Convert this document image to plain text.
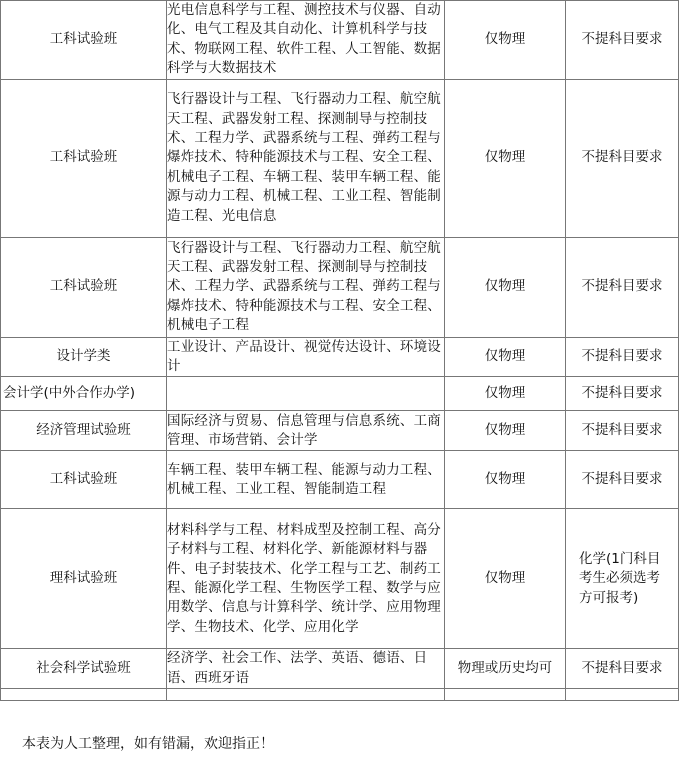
工科试验班	光电信息科学与工程、测控技术与仪器、自动化、电气工程及其自动化、计算机科学与技术、物联网工程、软件工程、人工智能、数据科学与大数据技术	仅物理	不提科目要求
工科试验班	飞行器设计与工程、飞行器动力工程、航空航天工程、武器发射工程、探测制导与控制技术、工程力学、武器系统与工程、弹药工程与爆炸技术、特种能源技术与工程、安全工程、机械电子工程、车辆工程、装甲车辆工程、能源与动力工程、机械工程、工业工程、智能制造工程、光电信息	仅物理	不提科目要求
工科试验班	飞行器设计与工程、飞行器动力工程、航空航天工程、武器发射工程、探测制导与控制技术、工程力学、武器系统与工程、弹药工程与爆炸技术、特种能源技术与工程、安全工程、机械电子工程	仅物理	不提科目要求
设计学类	工业设计、产品设计、视觉传达设计、环境设计	仅物理	不提科目要求
会计学(中外合作办学)		仅物理	不提科目要求
经济管理试验班	国际经济与贸易、信息管理与信息系统、工商管理、市场营销、会计学	仅物理	不提科目要求
工科试验班	车辆工程、装甲车辆工程、能源与动力工程、机械工程、工业工程、智能制造工程	仅物理	不提科目要求
理科试验班	材料科学与工程、材料成型及控制工程、高分子材料与工程、材料化学、新能源材料与器件、电子封装技术、化学工程与工艺、制药工程、能源化学工程、生物医学工程、数学与应用数学、信息与计算科学、统计学、应用物理学、生物技术、化学、应用化学	仅物理	化学(1门科目考生必须选考方可报考)
社会科学试验班	经济学、社会工作、法学、英语、德语、日语、西班牙语	物理或历史均可	不提科目要求

本表为人工整理，如有错漏，欢迎指正！
